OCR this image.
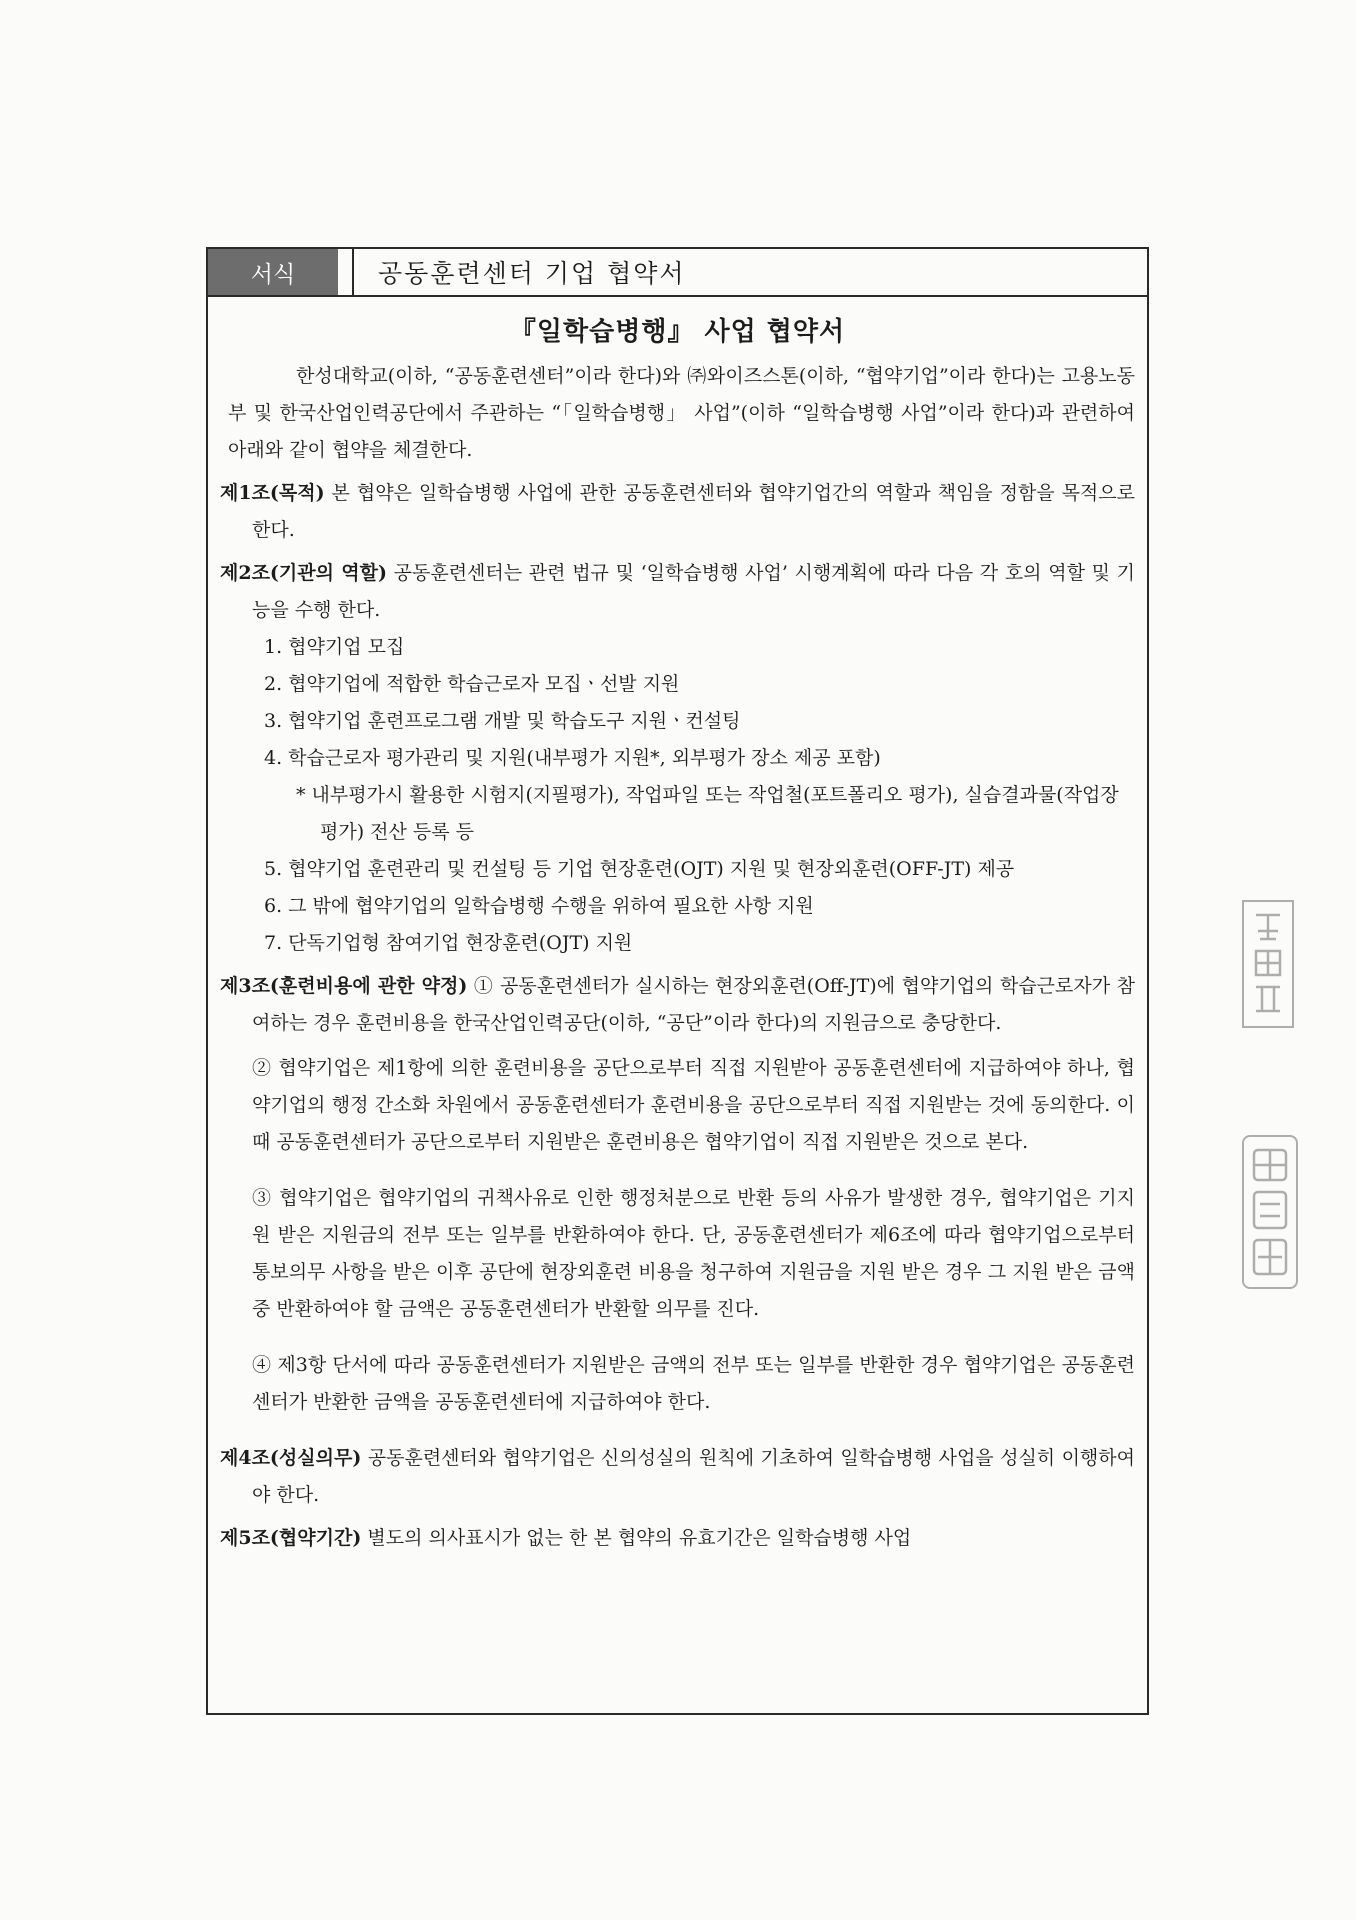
서식	공동훈련센터 기업 협약서
『일학습병행』 사업 협약서

한성대학교(이하, “공동훈련센터”이라 한다)와 ㈜와이즈스톤(이하, “협약기업”이라 한다)는 고용노동부 및 한국산업인력공단에서 주관하는 “「일학습병행」 사업”(이하 “일학습병행 사업”이라 한다)과 관련하여 아래와 같이 협약을 체결한다.

제1조(목적) 본 협약은 일학습병행 사업에 관한 공동훈련센터와 협약기업간의 역할과 책임을 정함을 목적으로 한다.

제2조(기관의 역할) 공동훈련센터는 관련 법규 및 ‘일학습병행 사업’ 시행계획에 따라 다음 각 호의 역할 및 기능을 수행 한다.

1. 협약기업 모집
2. 협약기업에 적합한 학습근로자 모집ㆍ선발 지원
3. 협약기업 훈련프로그램 개발 및 학습도구 지원ㆍ컨설팅
4. 학습근로자 평가관리 및 지원(내부평가 지원*, 외부평가 장소 제공 포함)
* 내부평가시 활용한 시험지(지필평가), 작업파일 또는 작업철(포트폴리오 평가), 실습결과물(작업장 평가) 전산 등록 등
5. 협약기업 훈련관리 및 컨설팅 등 기업 현장훈련(OJT) 지원 및 현장외훈련(OFF-JT) 제공
6. 그 밖에 협약기업의 일학습병행 수행을 위하여 필요한 사항 지원
7. 단독기업형 참여기업 현장훈련(OJT) 지원

제3조(훈련비용에 관한 약정) ① 공동훈련센터가 실시하는 현장외훈련(Off-JT)에 협약기업의 학습근로자가 참여하는 경우 훈련비용을 한국산업인력공단(이하, “공단”이라 한다)의 지원금으로 충당한다.

② 협약기업은 제1항에 의한 훈련비용을 공단으로부터 직접 지원받아 공동훈련센터에 지급하여야 하나, 협약기업의 행정 간소화 차원에서 공동훈련센터가 훈련비용을 공단으로부터 직접 지원받는 것에 동의한다. 이 때 공동훈련센터가 공단으로부터 지원받은 훈련비용은 협약기업이 직접 지원받은 것으로 본다.

③ 협약기업은 협약기업의 귀책사유로 인한 행정처분으로 반환 등의 사유가 발생한 경우, 협약기업은 기지원 받은 지원금의 전부 또는 일부를 반환하여야 한다. 단, 공동훈련센터가 제6조에 따라 협약기업으로부터 통보의무 사항을 받은 이후 공단에 현장외훈련 비용을 청구하여 지원금을 지원 받은 경우 그 지원 받은 금액 중 반환하여야 할 금액은 공동훈련센터가 반환할 의무를 진다.

④ 제3항 단서에 따라 공동훈련센터가 지원받은 금액의 전부 또는 일부를 반환한 경우 협약기업은 공동훈련센터가 반환한 금액을 공동훈련센터에 지급하여야 한다.

제4조(성실의무) 공동훈련센터와 협약기업은 신의성실의 원칙에 기초하여 일학습병행 사업을 성실히 이행하여야 한다.

제5조(협약기간) 별도의 의사표시가 없는 한 본 협약의 유효기간은 일학습병행 사업
